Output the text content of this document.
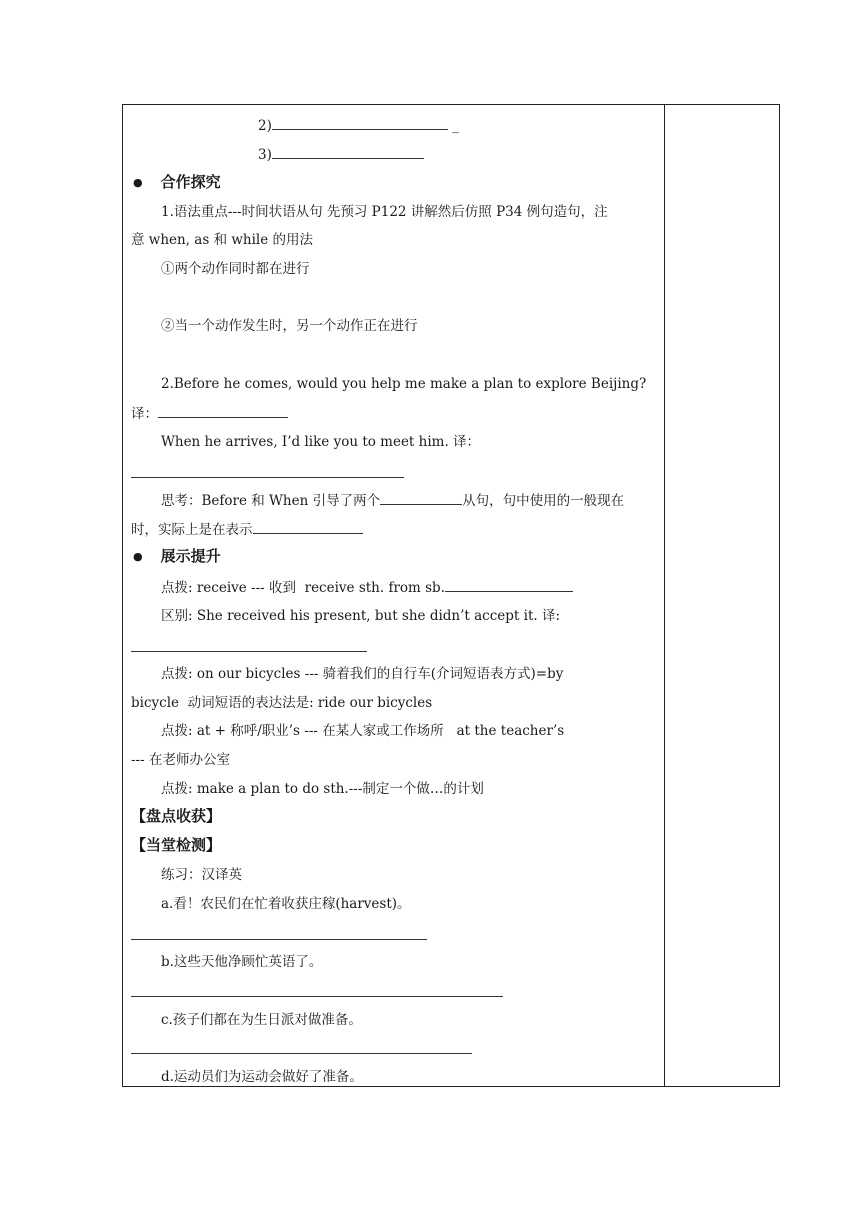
2)	_
3)
● 合作探究
1.语法重点---时间状语从句 先预习 P122 讲解然后仿照 P34 例句造句，注
意 when, as 和 while 的用法
①两个动作同时都在进行
②当一个动作发生时，另一个动作正在进行
2.Before he comes, would you help me make a plan to explore Beijing?
译：
When he arrives, I’d like you to meet him. 译：
思考：Before 和 When 引导了两个	从句，句中使用的一般现在
时，实际上是在表示
● 展示提升
点拨: receive --- 收到  receive sth. from sb.
区别: She received his present, but she didn’t accept it. 译:
点拨: on our bicycles --- 骑着我们的自行车(介词短语表方式)=by
bicycle  动词短语的表达法是: ride our bicycles
点拨: at + 称呼/职业’s --- 在某人家或工作场所   at the teacher’s
--- 在老师办公室
点拨: make a plan to do sth.---制定一个做…的计划
【盘点收获】
【当堂检测】
练习：汉译英
a.看！农民们在忙着收获庄稼(harvest)。
b.这些天他净顾忙英语了。
c.孩子们都在为生日派对做准备。
d.运动员们为运动会做好了准备。
